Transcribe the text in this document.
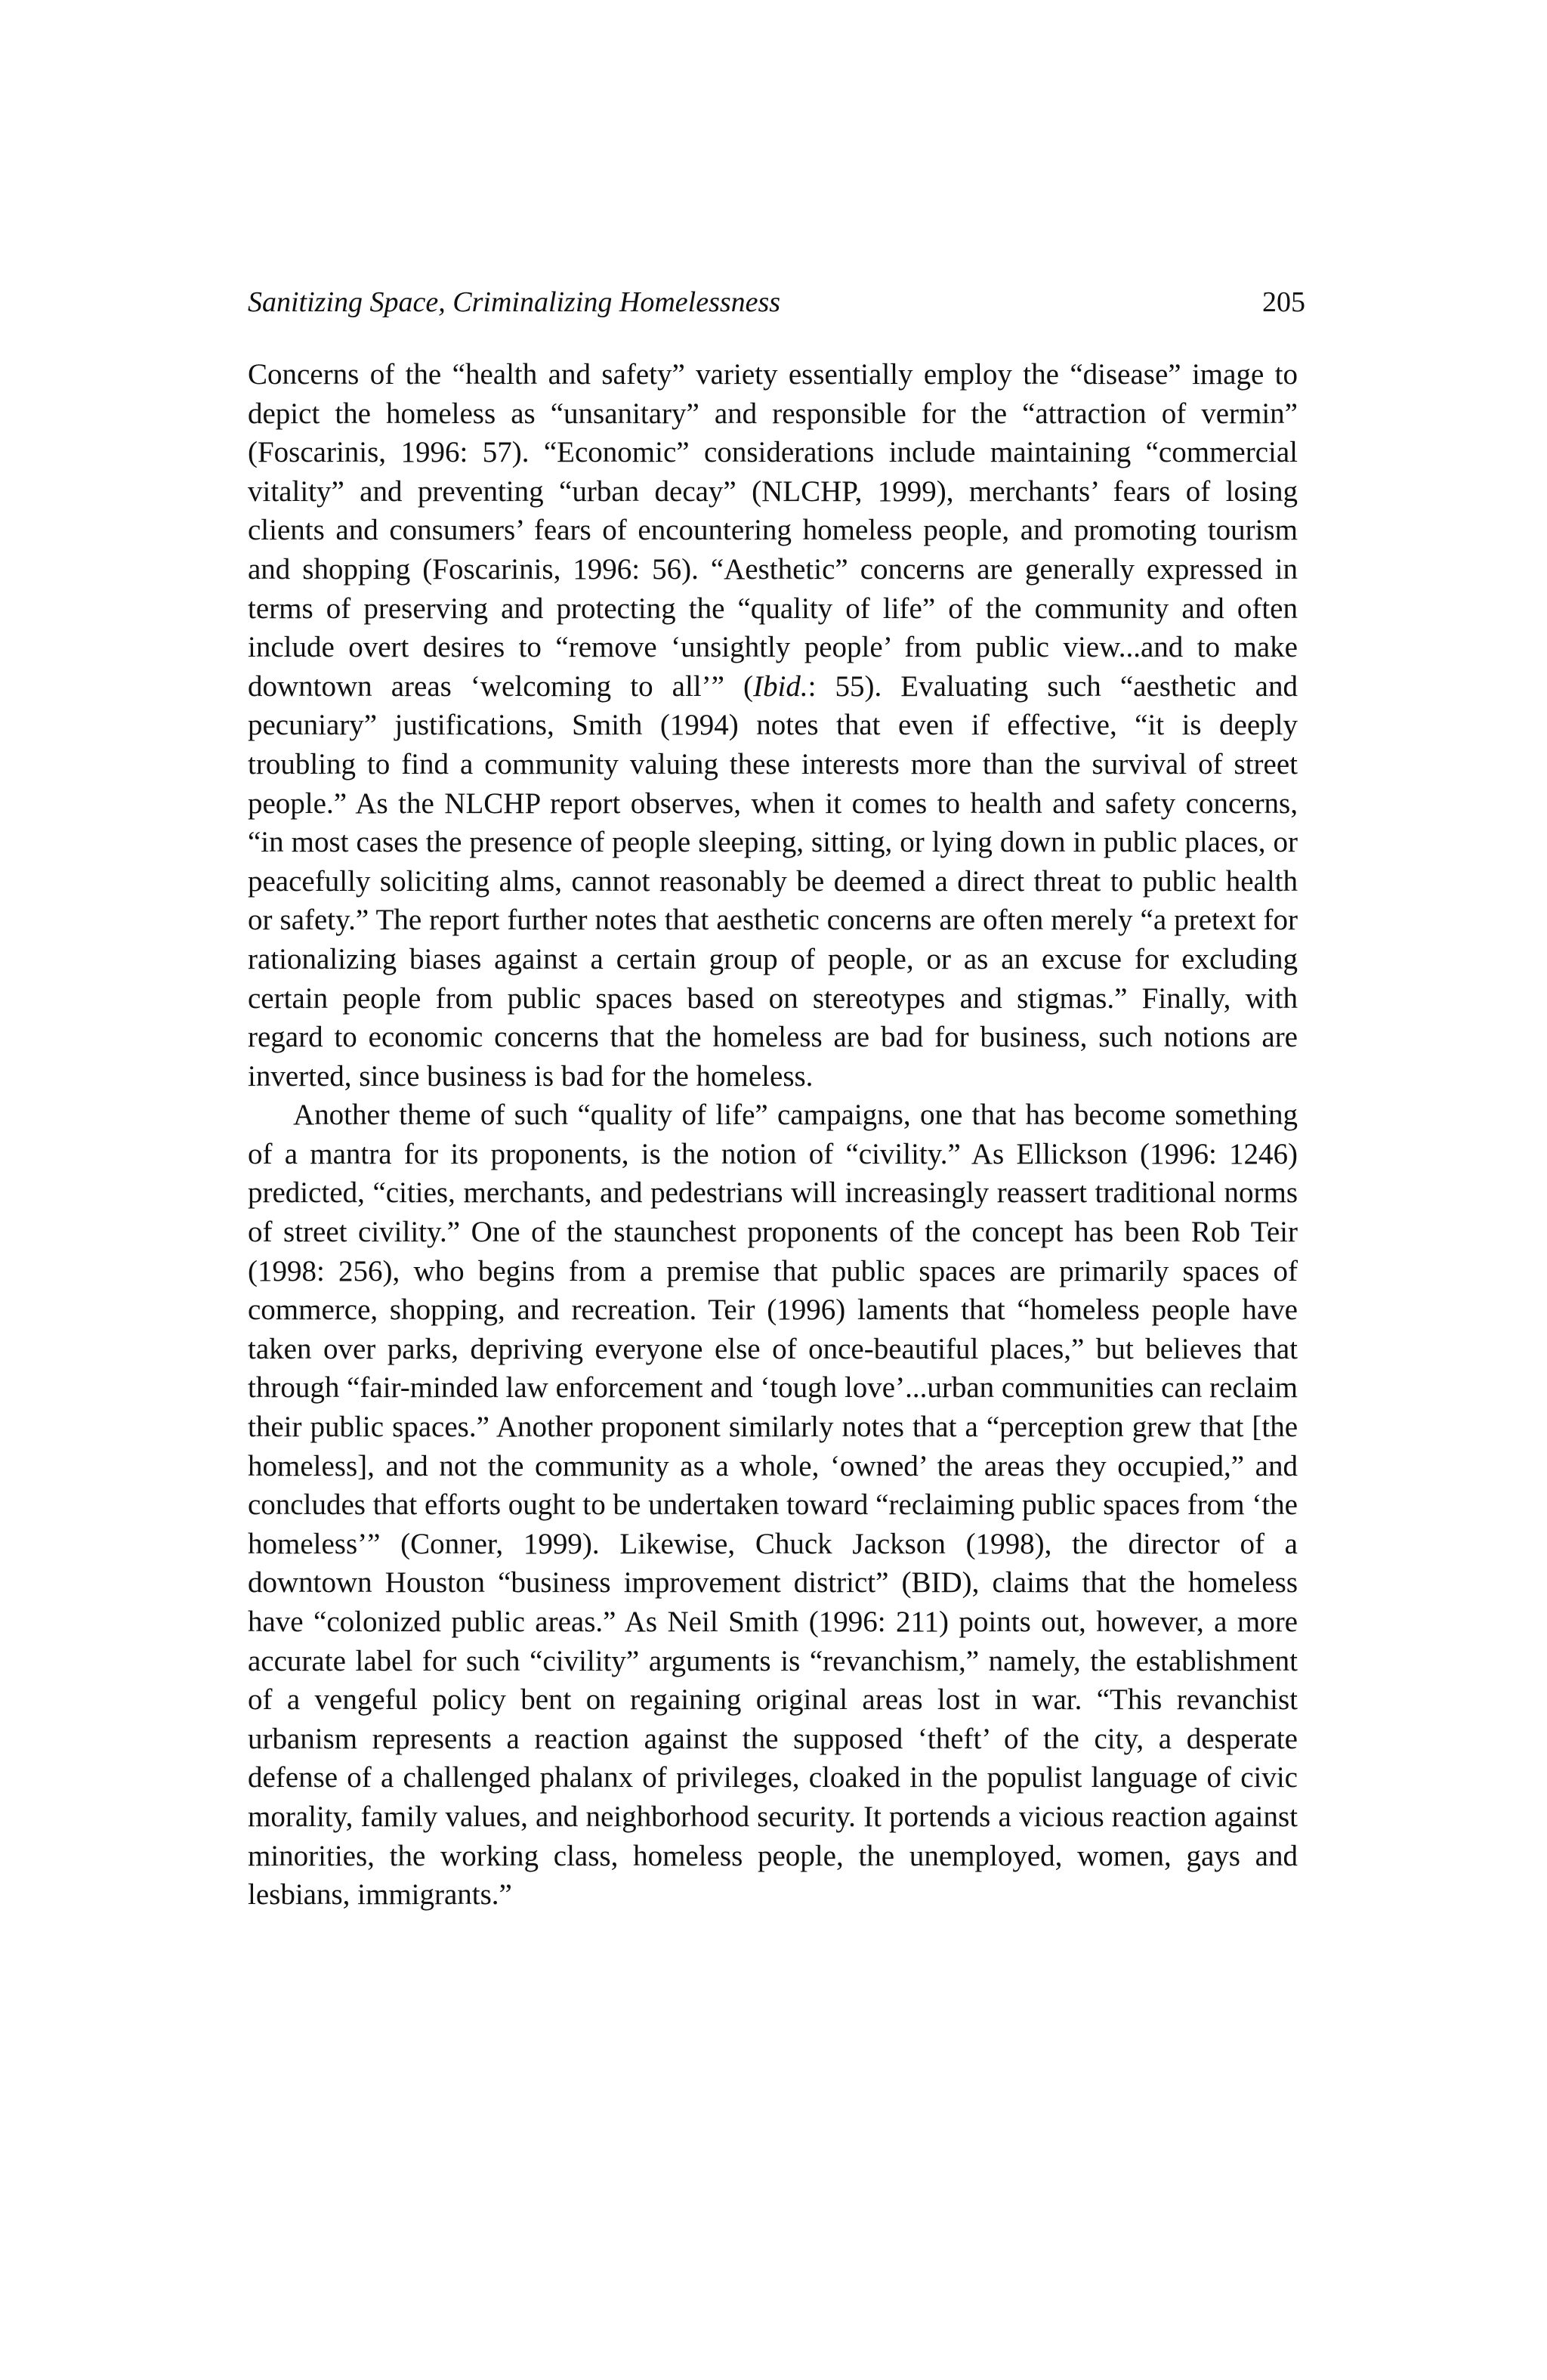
Sanitizing Space, Criminalizing Homelessness	205

Concerns of the “health and safety” variety essentially employ the “disease” image to depict the homeless as “unsanitary” and responsible for the “attraction of vermin” (Foscarinis, 1996: 57). “Economic” considerations include maintaining “commercial vitality” and preventing “urban decay” (NLCHP, 1999), merchants’ fears of losing clients and consumers’ fears of encountering homeless people, and promoting tourism and shopping (Foscarinis, 1996: 56). “Aesthetic” concerns are generally expressed in terms of preserving and protecting the “quality of life” of the community and often include overt desires to “remove ‘unsightly people’ from public view...and to make downtown areas ‘welcoming to all’” (Ibid.: 55). Evaluating such “aesthetic and pecuniary” justifications, Smith (1994) notes that even if effective, “it is deeply troubling to find a community valuing these interests more than the survival of street people.” As the NLCHP report observes, when it comes to health and safety concerns, “in most cases the presence of people sleeping, sitting, or lying down in public places, or peacefully soliciting alms, cannot reasonably be deemed a direct threat to public health or safety.” The report further notes that aesthetic concerns are often merely “a pretext for rationalizing biases against a certain group of people, or as an excuse for excluding certain people from public spaces based on stereotypes and stigmas.” Finally, with regard to economic concerns that the homeless are bad for business, such notions are inverted, since business is bad for the homeless.

Another theme of such “quality of life” campaigns, one that has become something of a mantra for its proponents, is the notion of “civility.” As Ellickson (1996: 1246) predicted, “cities, merchants, and pedestrians will increasingly reassert traditional norms of street civility.” One of the staunchest proponents of the concept has been Rob Teir (1998: 256), who begins from a premise that public spaces are primarily spaces of commerce, shopping, and recreation. Teir (1996) laments that “homeless people have taken over parks, depriving everyone else of once-beautiful places,” but believes that through “fair-minded law enforcement and ‘tough love’...urban communities can reclaim their public spaces.” Another proponent similarly notes that a “perception grew that [the homeless], and not the community as a whole, ‘owned’ the areas they occupied,” and concludes that efforts ought to be undertaken toward “reclaiming public spaces from ‘the homeless’” (Conner, 1999). Likewise, Chuck Jackson (1998), the director of a downtown Houston “business improvement district” (BID), claims that the homeless have “colonized public areas.” As Neil Smith (1996: 211) points out, however, a more accurate label for such “civility” arguments is “revanchism,” namely, the establishment of a vengeful policy bent on regaining original areas lost in war. “This revanchist urbanism represents a reaction against the supposed ‘theft’ of the city, a desperate defense of a challenged phalanx of privileges, cloaked in the populist language of civic morality, family values, and neighborhood security. It portends a vicious reaction against minorities, the working class, homeless people, the unemployed, women, gays and lesbians, immigrants.”
